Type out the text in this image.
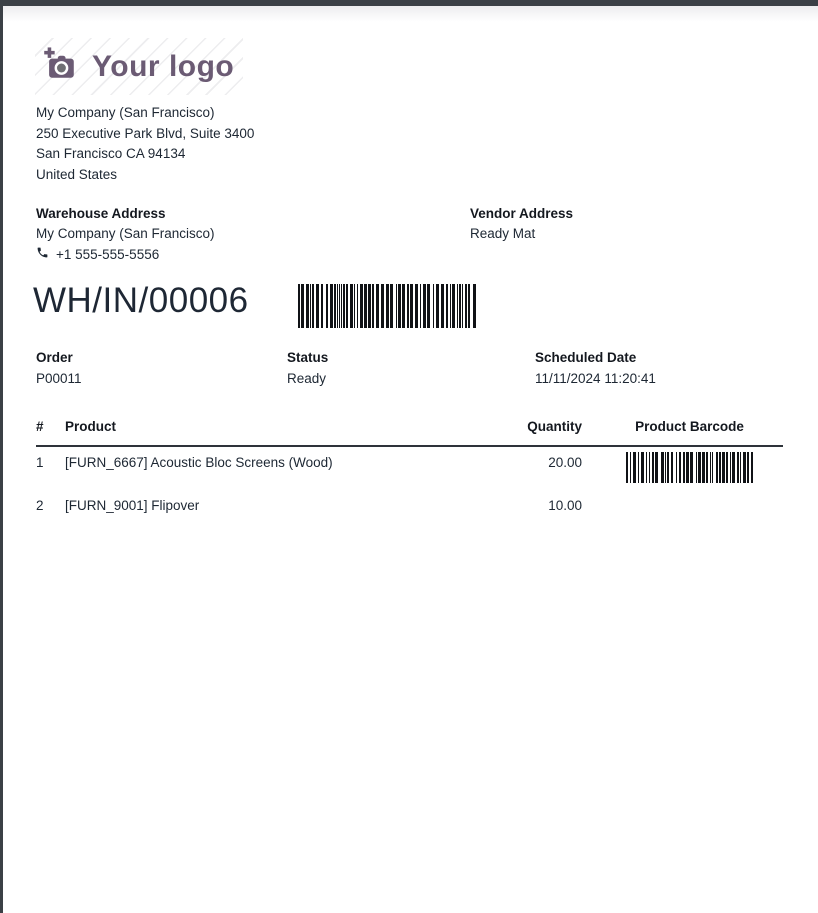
Your logo
My Company (San Francisco)
250 Executive Park Blvd, Suite 3400
San Francisco CA 94134
United States
Warehouse Address
My Company (San Francisco)
+1 555-555-5556
Vendor Address
Ready Mat
WH/IN/00006
Order
P00011
Status
Ready
Scheduled Date
11/11/2024 11:20:41
#	Product	Quantity	Product Barcode
1	[FURN_6667] Acoustic Bloc Screens (Wood)	20.00
2	[FURN_9001] Flipover	10.00
